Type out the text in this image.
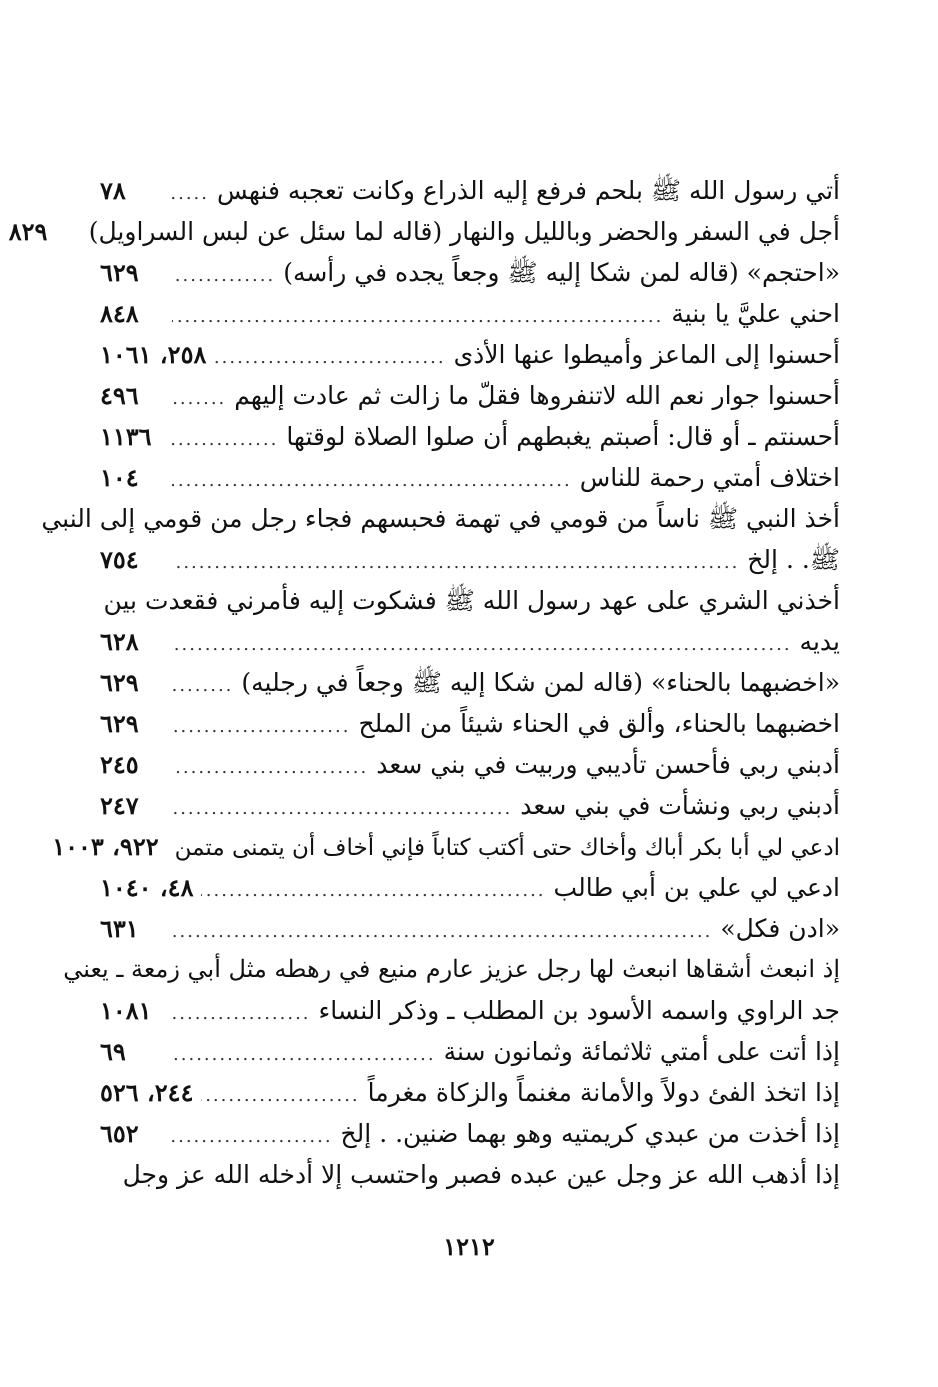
أتي رسول الله ﷺ بلحم فرفع إليه الذراع وكانت تعجبه فنهس
.....
٧٨
أجل في السفر والحضر وبالليل والنهار (قاله لما سئل عن لبس السراويل)
٨٢٩
«احتجم» (قاله لمن شكا إليه ﷺ وجعاً يجده في رأسه)
.....
٦٢٩
احني عليَّ يا بنية
.....
٨٤٨
أحسنوا إلى الماعز وأميطوا عنها الأذى
.....
٢٥٨، ١٠٦١
أحسنوا جوار نعم الله لاتنفروها فقلّ ما زالت ثم عادت إليهم
.....
٤٩٦
أحسنتم ـ أو قال: أصبتم يغبطهم أن صلوا الصلاة لوقتها
.....
١١٣٦
اختلاف أمتي رحمة للناس
.....
١٠٤
أخذ النبي ﷺ ناساً من قومي في تهمة فحبسهم فجاء رجل من قومي إلى النبي
ﷺ. . إلخ
.....
٧٥٤
أخذني الشري على عهد رسول الله ﷺ فشكوت إليه فأمرني فقعدت بين
يديه
.....
٦٢٨
«اخضبهما بالحناء» (قاله لمن شكا إليه ﷺ وجعاً في رجليه)
.....
٦٢٩
اخضبهما بالحناء، وألق في الحناء شيئاً من الملح
.....
٦٢٩
أدبني ربي فأحسن تأديبي وربيت في بني سعد
.....
٢٤٥
أدبني ربي ونشأت في بني سعد
.....
٢٤٧
ادعي لي أبا بكر أباك وأخاك حتى أكتب كتاباً فإني أخاف أن يتمنى متمن
٩٢٢، ١٠٠٣
ادعي لي علي بن أبي طالب
.....
٤٨، ١٠٤٠
«ادن فكل»
.....
٦٣١
إذ انبعث أشقاها انبعث لها رجل عزيز عارم منيع في رهطه مثل أبي زمعة ـ يعني
جد الراوي واسمه الأسود بن المطلب ـ وذكر النساء
.....
١٠٨١
إذا أتت على أمتي ثلاثمائة وثمانون سنة
.....
٦٩
إذا اتخذ الفئ دولاً والأمانة مغنماً والزكاة مغرماً
.....
٢٤٤، ٥٢٦
إذا أخذت من عبدي كريمتيه وهو بهما ضنين. . إلخ
.....
٦٥٢
إذا أذهب الله عز وجل عين عبده فصبر واحتسب إلا أدخله الله عز وجل
١٢١٢
